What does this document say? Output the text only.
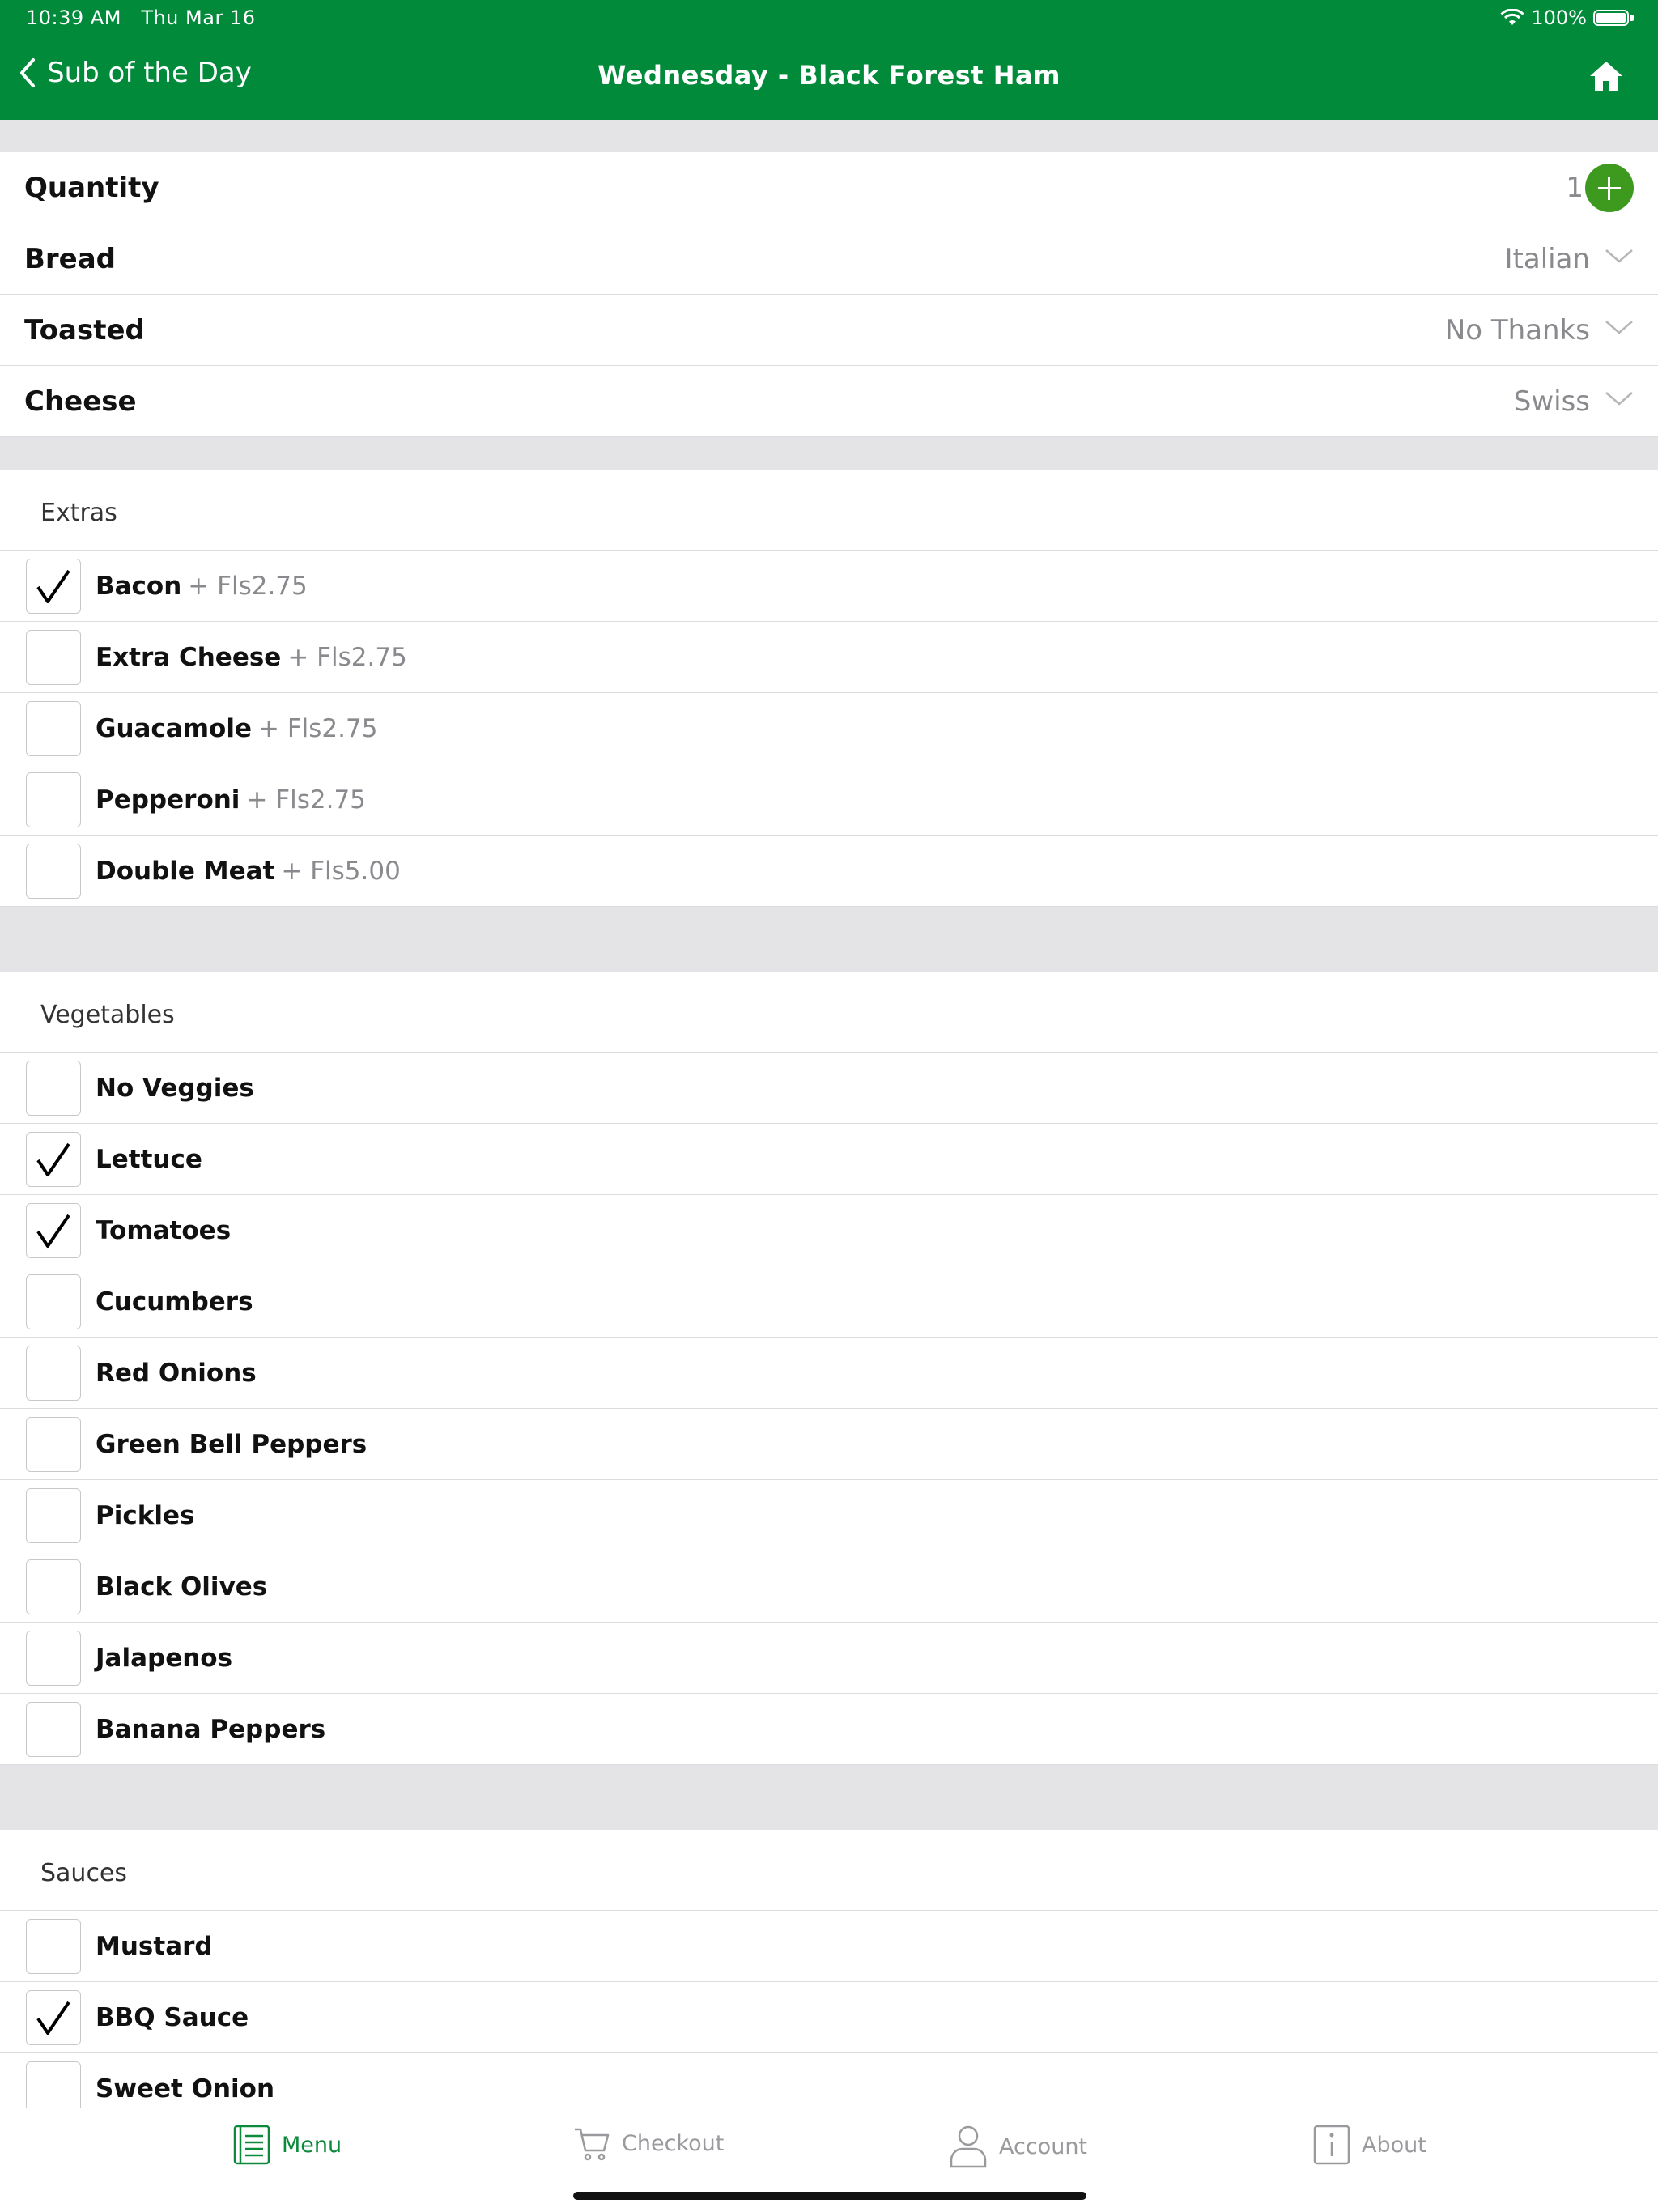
10:39 AM Thu Mar 16	100%
Sub of the Day	Wednesday - Black Forest Ham
Quantity	1
Bread	Italian
Toasted	No Thanks
Cheese	Swiss
Extras
Bacon + Fls2.75
Extra Cheese + Fls2.75
Guacamole + Fls2.75
Pepperoni + Fls2.75
Double Meat + Fls5.00
Vegetables
No Veggies
Lettuce
Tomatoes
Cucumbers
Red Onions
Green Bell Peppers
Pickles
Black Olives
Jalapenos
Banana Peppers
Sauces
Mustard
BBQ Sauce
Sweet Onion
Menu	Checkout	Account	About
